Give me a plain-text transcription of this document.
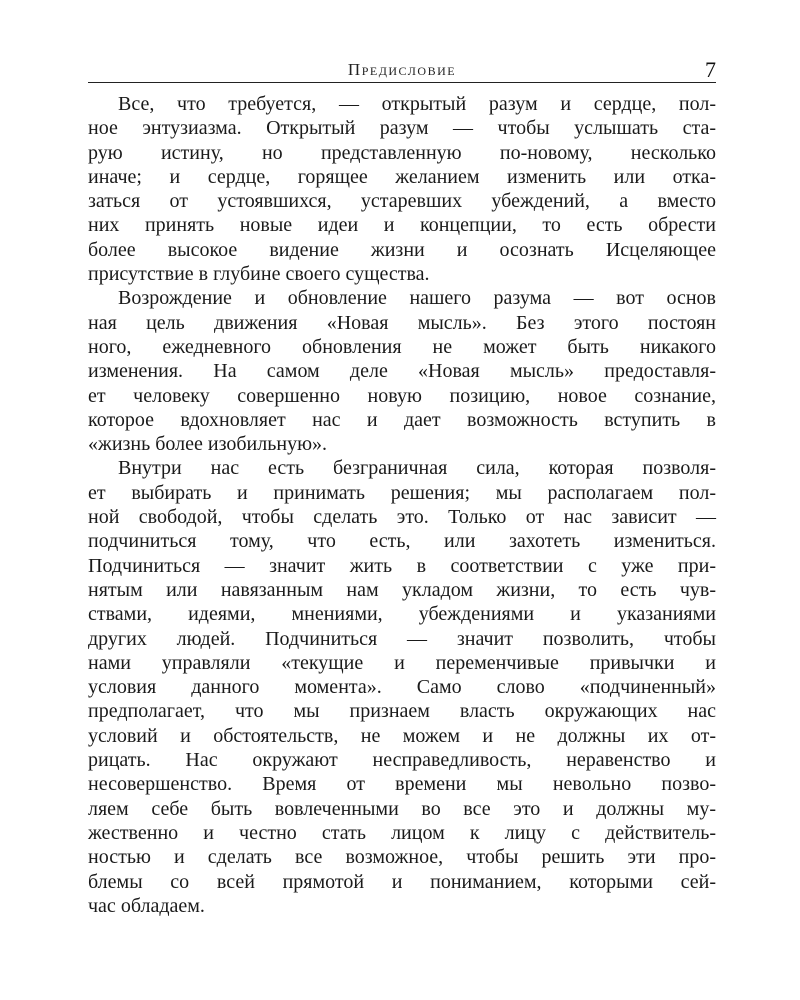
Предисловие	7
Все, что требуется, — открытый разум и сердце, пол-
ное энтузиазма. Открытый разум — чтобы услышать ста-
рую истину, но представленную по-новому, несколько
иначе; и сердце, горящее желанием изменить или отка-
заться от устоявшихся, устаревших убеждений, а вместо
них принять новые идеи и концепции, то есть обрести
более высокое видение жизни и осознать Исцеляющее
присутствие в глубине своего существа.
Возрождение и обновление нашего разума — вот основ
ная цель движения «Новая мысль». Без этого постоян
ного, ежедневного обновления не может быть никакого
изменения. На самом деле «Новая мысль» предоставля-
ет человеку совершенно новую позицию, новое сознание,
которое вдохновляет нас и дает возможность вступить в
«жизнь более изобильную».
Внутри нас есть безграничная сила, которая позволя-
ет выбирать и принимать решения; мы располагаем пол-
ной свободой, чтобы сделать это. Только от нас зависит —
подчиниться тому, что есть, или захотеть измениться.
Подчиниться — значит жить в соответствии с уже при-
нятым или навязанным нам укладом жизни, то есть чув-
ствами, идеями, мнениями, убеждениями и указаниями
других людей. Подчиниться — значит позволить, чтобы
нами управляли «текущие и переменчивые привычки и
условия данного момента». Само слово «подчиненный»
предполагает, что мы признаем власть окружающих нас
условий и обстоятельств, не можем и не должны их от-
рицать. Нас окружают несправедливость, неравенство и
несовершенство. Время от времени мы невольно позво-
ляем себе быть вовлеченными во все это и должны му-
жественно и честно стать лицом к лицу с действитель-
ностью и сделать все возможное, чтобы решить эти про-
блемы со всей прямотой и пониманием, которыми сей-
час обладаем.
